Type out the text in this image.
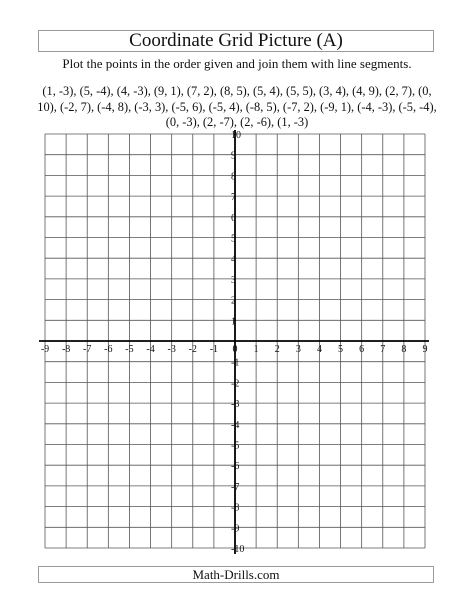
Coordinate Grid Picture (A)
Plot the points in the order given and join them with line segments.
(1, -3), (5, -4), (4, -3), (9, 1), (7, 2), (8, 5), (5, 4), (5, 5), (3, 4), (4, 9), (2, 7), (0, 10), (-2, 7), (-4, 8), (-3, 3), (-5, 6), (-5, 4), (-8, 5), (-7, 2), (-9, 1), (-4, -3), (-5, -4), (0, -3), (2, -7), (2, -6), (1, -3)
-9 -8 -7 -6 -5 -4 -3 -2 -1 0 1 2 3 4 5 6 7 8 9
10
9
8
7
6
5
4
3
2
1
-1
-2
-3
-4
-5
-6
-7
-8
-9
-10
Math-Drills.com
